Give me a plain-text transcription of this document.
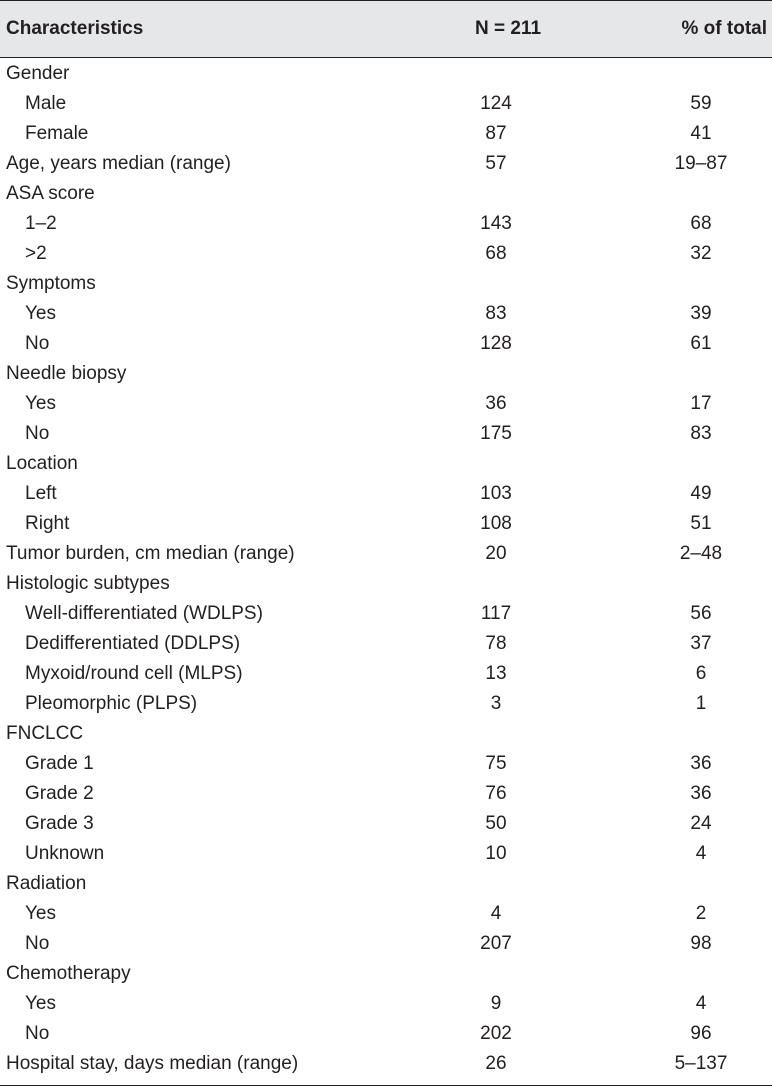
Characteristics	N = 211	% of total
Gender
Male	124	59
Female	87	41
Age, years median (range)	57	19–87
ASA score
1–2	143	68
>2	68	32
Symptoms
Yes	83	39
No	128	61
Needle biopsy
Yes	36	17
No	175	83
Location
Left	103	49
Right	108	51
Tumor burden, cm median (range)	20	2–48
Histologic subtypes
Well-differentiated (WDLPS)	117	56
Dedifferentiated (DDLPS)	78	37
Myxoid/round cell (MLPS)	13	6
Pleomorphic (PLPS)	3	1
FNCLCC
Grade 1	75	36
Grade 2	76	36
Grade 3	50	24
Unknown	10	4
Radiation
Yes	4	2
No	207	98
Chemotherapy
Yes	9	4
No	202	96
Hospital stay, days median (range)	26	5–137
